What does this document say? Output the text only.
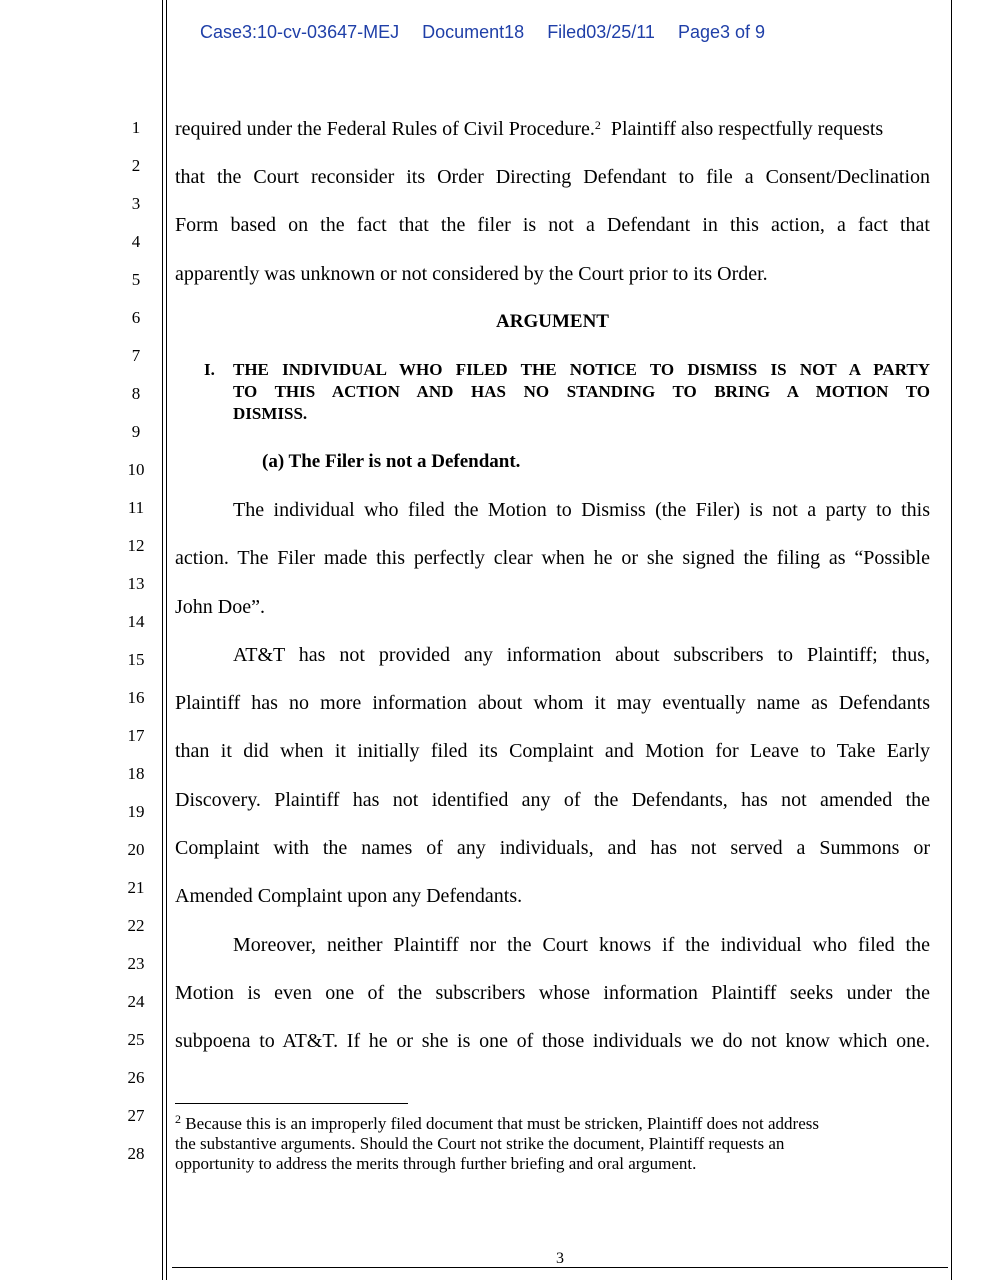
Case3:10-cv-03647-MEJ Document18 Filed03/25/11 Page3 of 9
1
2
3
4
5
6
7
8
9
10
11
12
13
14
15
16
17
18
19
20
21
22
23
24
25
26
27
28
required under the Federal Rules of Civil Procedure.$^2$  Plaintiff also respectfully requests
that the Court reconsider its Order Directing Defendant to file a Consent/Declination
Form based on the fact that the filer is not a Defendant in this action, a fact that
apparently was unknown or not considered by the Court prior to its Order.
ARGUMENT
I. THE INDIVIDUAL WHO FILED THE NOTICE TO DISMISS IS NOT A PARTY
TO THIS ACTION AND HAS NO STANDING TO BRING A MOTION TO
DISMISS.
(a) The Filer is not a Defendant.
The individual who filed the Motion to Dismiss (the Filer) is not a party to this
action. The Filer made this perfectly clear when he or she signed the filing as “Possible
John Doe”.
AT&T has not provided any information about subscribers to Plaintiff; thus,
Plaintiff has no more information about whom it may eventually name as Defendants
than it did when it initially filed its Complaint and Motion for Leave to Take Early
Discovery. Plaintiff has not identified any of the Defendants, has not amended the
Complaint with the names of any individuals, and has not served a Summons or
Amended Complaint upon any Defendants.
Moreover, neither Plaintiff nor the Court knows if the individual who filed the
Motion is even one of the subscribers whose information Plaintiff seeks under the
subpoena to AT&T. If he or she is one of those individuals we do not know which one.
$^2$ Because this is an improperly filed document that must be stricken, Plaintiff does not address
the substantive arguments. Should the Court not strike the document, Plaintiff requests an
opportunity to address the merits through further briefing and oral argument.
3
